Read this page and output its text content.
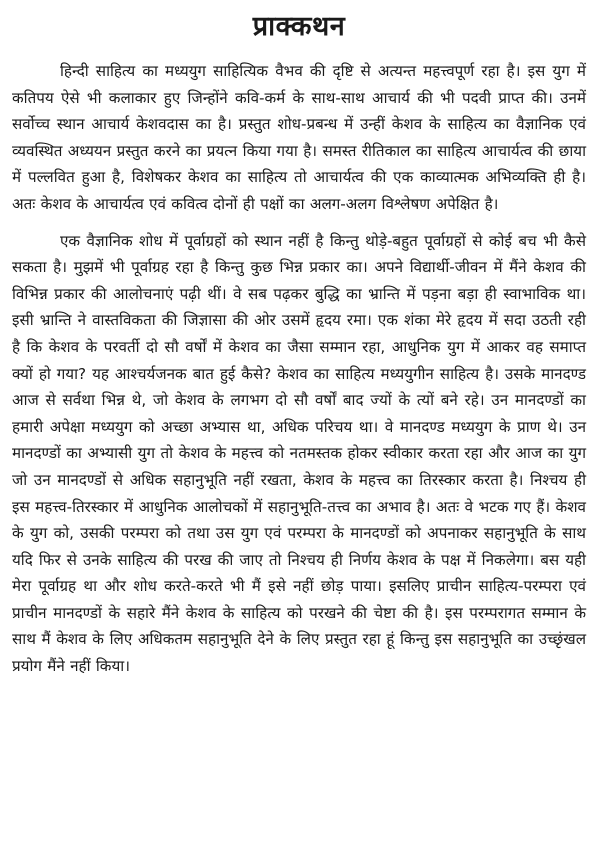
प्राक्कथन

हिन्दी साहित्य का मध्ययुग साहित्यिक वैभव की दृष्टि से अत्यन्त महत्त्वपूर्ण रहा है। इस युग में कतिपय ऐसे भी कलाकार हुए जिन्होंने कवि-कर्म के साथ-साथ आचार्य की भी पदवी प्राप्त की। उनमें सर्वोच्च स्थान आचार्य केशवदास का है। प्रस्तुत शोध-प्रबन्ध में उन्हीं केशव के साहित्य का वैज्ञानिक एवं व्यवस्थित अध्ययन प्रस्तुत करने का प्रयत्न किया गया है। समस्त रीतिकाल का साहित्य आचार्यत्व की छाया में पल्लवित हुआ है, विशेषकर केशव का साहित्य तो आचार्यत्व की एक काव्यात्मक अभिव्यक्ति ही है। अतः केशव के आचार्यत्व एवं कवित्व दोनों ही पक्षों का अलग-अलग विश्लेषण अपेक्षित है।

एक वैज्ञानिक शोध में पूर्वाग्रहों को स्थान नहीं है किन्तु थोड़े-बहुत पूर्वाग्रहों से कोई बच भी कैसे सकता है। मुझमें भी पूर्वाग्रह रहा है किन्तु कुछ भिन्न प्रकार का। अपने विद्यार्थी-जीवन में मैंने केशव की विभिन्न प्रकार की आलोचनाएं पढ़ी थीं। वे सब पढ़कर बुद्धि का भ्रान्ति में पड़ना बड़ा ही स्वाभाविक था। इसी भ्रान्ति ने वास्तविकता की जिज्ञासा की ओर उसमें हृदय रमा। एक शंका मेरे हृदय में सदा उठती रही है कि केशव के परवर्ती दो सौ वर्षों में केशव का जैसा सम्मान रहा, आधुनिक युग में आकर वह समाप्त क्यों हो गया? यह आश्चर्यजनक बात हुई कैसे? केशव का साहित्य मध्ययुगीन साहित्य है। उसके मानदण्ड आज से सर्वथा भिन्न थे, जो केशव के लगभग दो सौ वर्षों बाद ज्यों के त्यों बने रहे। उन मानदण्डों का हमारी अपेक्षा मध्ययुग को अच्छा अभ्यास था, अधिक परिचय था। वे मानदण्ड मध्ययुग के प्राण थे। उन मानदण्डों का अभ्यासी युग तो केशव के महत्त्व को नतमस्तक होकर स्वीकार करता रहा और आज का युग जो उन मानदण्डों से अधिक सहानुभूति नहीं रखता, केशव के महत्त्व का तिरस्कार करता है। निश्चय ही इस महत्त्व-तिरस्कार में आधुनिक आलोचकों में सहानुभूति-तत्त्व का अभाव है। अतः वे भटक गए हैं। केशव के युग को, उसकी परम्परा को तथा उस युग एवं परम्परा के मानदण्डों को अपनाकर सहानुभूति के साथ यदि फिर से उनके साहित्य की परख की जाए तो निश्चय ही निर्णय केशव के पक्ष में निकलेगा। बस यही मेरा पूर्वाग्रह था और शोध करते-करते भी मैं इसे नहीं छोड़ पाया। इसलिए प्राचीन साहित्य-परम्परा एवं प्राचीन मानदण्डों के सहारे मैंने केशव के साहित्य को परखने की चेष्टा की है। इस परम्परागत सम्मान के साथ मैं केशव के लिए अधिकतम सहानुभूति देने के लिए प्रस्तुत रहा हूं किन्तु इस सहानुभूति का उच्छृंखल प्रयोग मैंने नहीं किया।
